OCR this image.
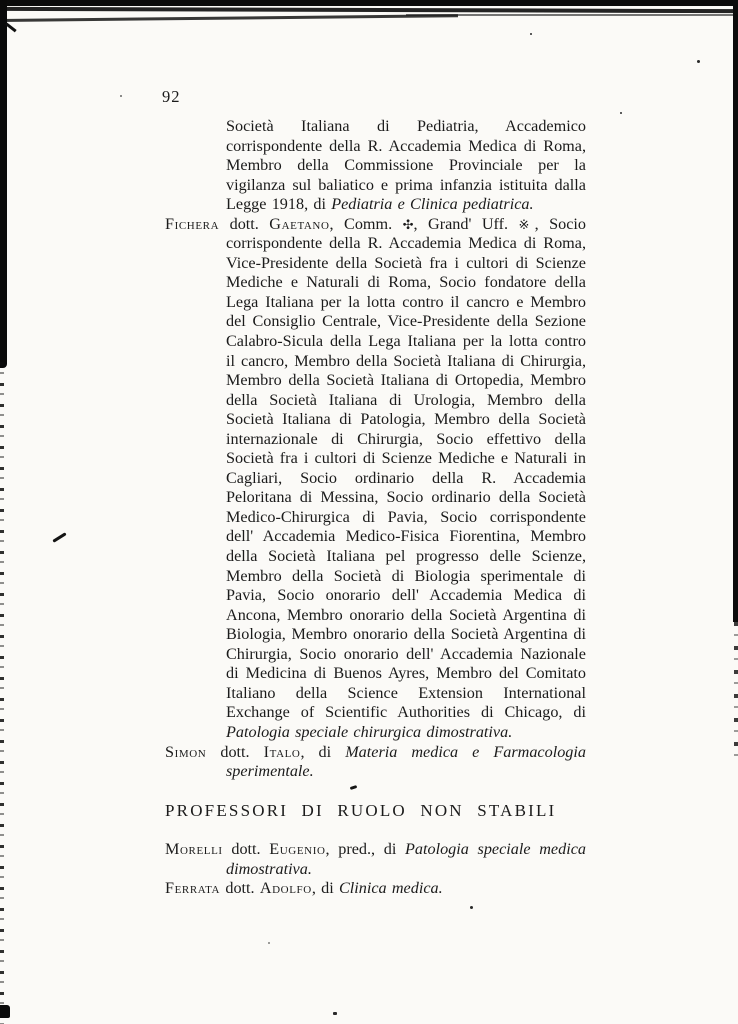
92

Società Italiana di Pediatria, Accademico corrispondente della R. Accademia Medica di Roma, Membro della Commissione Provinciale per la vigilanza sul baliatico e prima infanzia istituita dalla Legge 1918, di Pediatria e Clinica pediatrica.

Fichera dott. Gaetano, Comm. ✣, Grand' Uff. ※, Socio corrispondente della R. Accademia Medica di Roma, Vice-Presidente della Società fra i cultori di Scienze Mediche e Naturali di Roma, Socio fondatore della Lega Italiana per la lotta contro il cancro e Membro del Consiglio Centrale, Vice-Presidente della Sezione Calabro-Sicula della Lega Italiana per la lotta contro il cancro, Membro della Società Italiana di Chirurgia, Membro della Società Italiana di Ortopedia, Membro della Società Italiana di Urologia, Membro della Società Italiana di Patologia, Membro della Società internazionale di Chirurgia, Socio effettivo della Società fra i cultori di Scienze Mediche e Naturali in Cagliari, Socio ordinario della R. Accademia Peloritana di Messina, Socio ordinario della Società Medico-Chirurgica di Pavia, Socio corrispondente dell' Accademia Medico-Fisica Fiorentina, Membro della Società Italiana pel progresso delle Scienze, Membro della Società di Biologia sperimentale di Pavia, Socio onorario dell' Accademia Medica di Ancona, Membro onorario della Società Argentina di Biologia, Membro onorario della Società Argentina di Chirurgia, Socio onorario dell' Accademia Nazionale di Medicina di Buenos Ayres, Membro del Comitato Italiano della Science Extension International Exchange of Scientific Authorities di Chicago, di Patologia speciale chirurgica dimostrativa.

Simon dott. Italo, di Materia medica e Farmacologia sperimentale.

PROFESSORI DI RUOLO NON STABILI

Morelli dott. Eugenio, pred., di Patologia speciale medica dimostrativa.

Ferrata dott. Adolfo, di Clinica medica.
